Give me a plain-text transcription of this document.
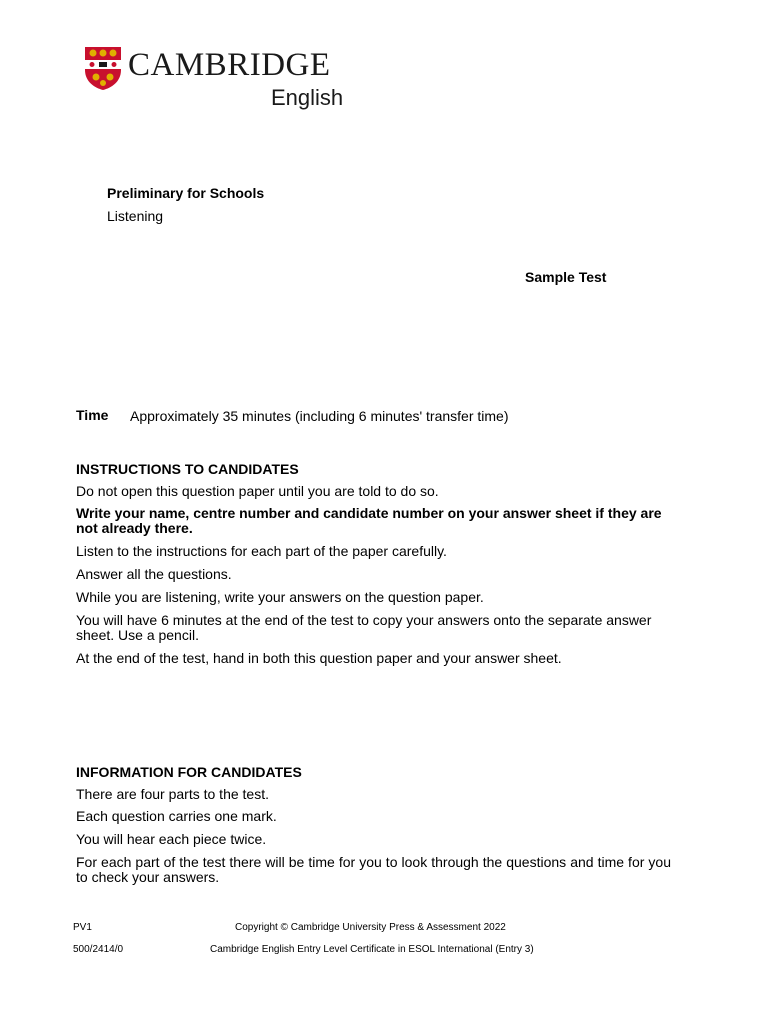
CAMBRIDGE
English
Preliminary for Schools
Listening
Sample Test
Time Approximately 35 minutes (including 6 minutes' transfer time)
INSTRUCTIONS TO CANDIDATES
Do not open this question paper until you are told to do so.
Write your name, centre number and candidate number on your answer sheet if they are not already there.
Listen to the instructions for each part of the paper carefully.
Answer all the questions.
While you are listening, write your answers on the question paper.
You will have 6 minutes at the end of the test to copy your answers onto the separate answer sheet. Use a pencil.
At the end of the test, hand in both this question paper and your answer sheet.
INFORMATION FOR CANDIDATES
There are four parts to the test.
Each question carries one mark.
You will hear each piece twice.
For each part of the test there will be time for you to look through the questions and time for you to check your answers.
PV1	Copyright © Cambridge University Press & Assessment 2022
500/2414/0	Cambridge English Entry Level Certificate in ESOL International (Entry 3)
